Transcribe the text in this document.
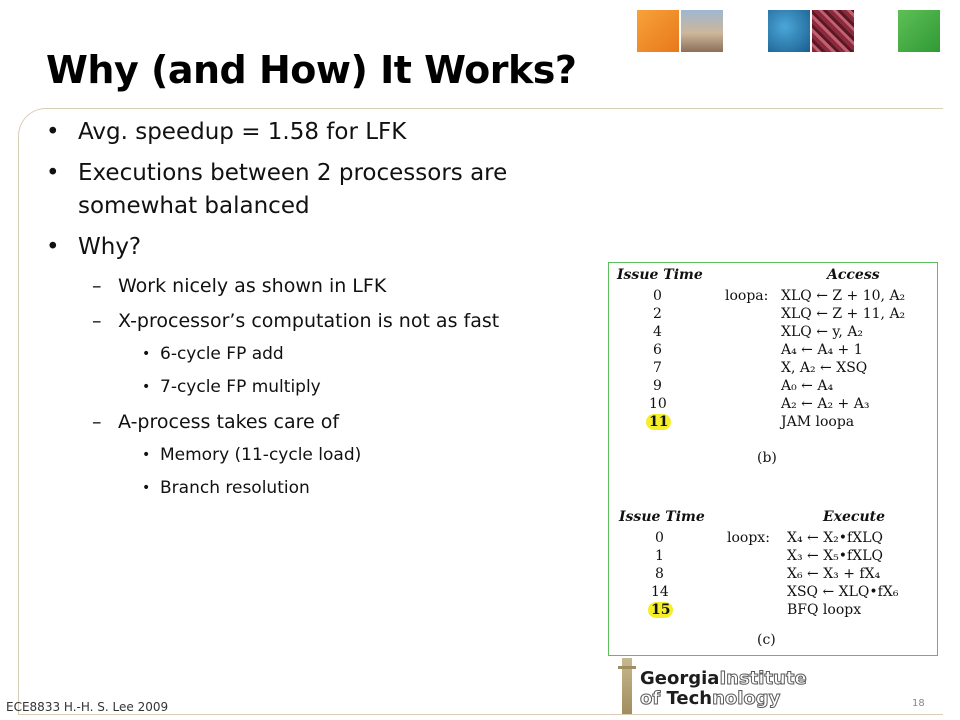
Why (and How) It Works?
• Avg. speedup = 1.58 for LFK
• Executions between 2 processors are somewhat balanced
• Why?
– Work nicely as shown in LFK
– X-processor’s computation is not as fast
• 6-cycle FP add
• 7-cycle FP multiply
– A-process takes care of
• Memory (11-cycle load)
• Branch resolution
Issue Time	Access
loopa:
0	XLQ ← Z + 10, A₂
2	XLQ ← Z + 11, A₂
4	XLQ ← y, A₂
6	A₄ ← A₄ + 1
7	X, A₂ ← XSQ
9	A₀ ← A₄
10	A₂ ← A₂ + A₃
11	JAM loopa
(b)
Issue Time	Execute
loopx:
0	X₄ ← X₂•fXLQ
1	X₃ ← X₅•fXLQ
8	X₆ ← X₃ + fX₄
14	XSQ ← XLQ•fX₆
15	BFQ loopx
(c)
GeorgiaInstitute
of Technology
ECE8833 H.-H. S. Lee 2009	18
